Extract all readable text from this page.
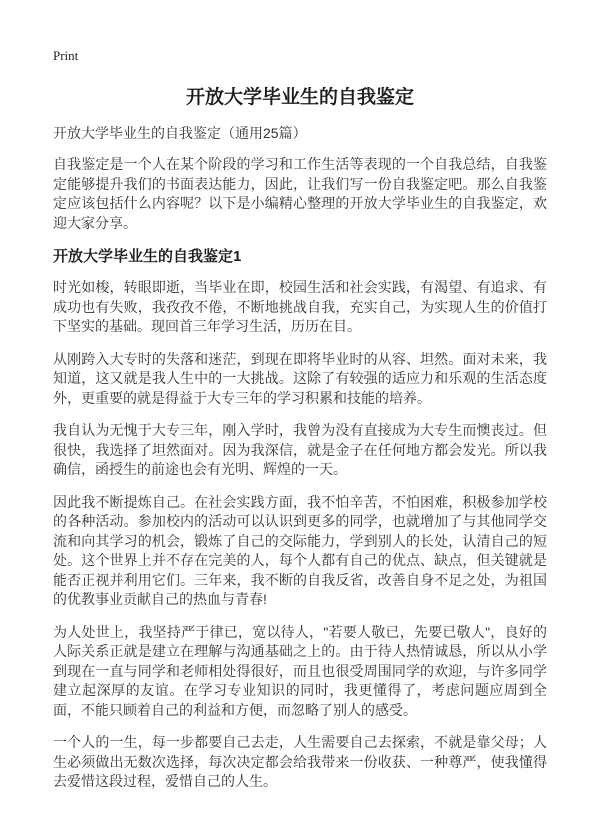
Print
开放大学毕业生的自我鉴定

开放大学毕业生的自我鉴定（通用25篇）

自我鉴定是一个人在某个阶段的学习和工作生活等表现的一个自我总结，自我鉴定能够提升我们的书面表达能力，因此，让我们写一份自我鉴定吧。那么自我鉴定应该包括什么内容呢？以下是小编精心整理的开放大学毕业生的自我鉴定，欢迎大家分享。

开放大学毕业生的自我鉴定1

时光如梭，转眼即逝，当毕业在即，校园生活和社会实践，有渴望、有追求、有成功也有失败，我孜孜不倦，不断地挑战自我，充实自己，为实现人生的价值打下坚实的基础。现回首三年学习生活，历历在目。

从刚跨入大专时的失落和迷茫，到现在即将毕业时的从容、坦然。面对未来，我知道，这又就是我人生中的一大挑战。这除了有较强的适应力和乐观的生活态度外，更重要的就是得益于大专三年的学习积累和技能的培养。

我自认为无愧于大专三年，刚入学时，我曾为没有直接成为大专生而懊丧过。但很快，我选择了坦然面对。因为我深信，就是金子在任何地方都会发光。所以我确信，函授生的前途也会有光明、辉煌的一天。

因此我不断提炼自己。在社会实践方面，我不怕辛苦，不怕困难，积极参加学校的各种活动。参加校内的活动可以认识到更多的同学，也就增加了与其他同学交流和向其学习的机会，锻炼了自己的交际能力，学到别人的长处，认清自己的短处。这个世界上并不存在完美的人，每个人都有自己的优点、缺点，但关键就是能否正视并利用它们。三年来，我不断的自我反省，改善自身不足之处，为祖国的优教事业贡献自己的热血与青春!

为人处世上，我坚持严于律已，宽以待人，"若要人敬已，先要已敬人"，良好的人际关系正就是建立在理解与沟通基础之上的。由于待人热情诚恳，所以从小学到现在一直与同学和老师相处得很好，而且也很受周围同学的欢迎，与许多同学建立起深厚的友谊。在学习专业知识的同时，我更懂得了，考虑问题应周到全面，不能只顾着自己的利益和方便，而忽略了别人的感受。

一个人的一生，每一步都要自己去走，人生需要自己去探索，不就是靠父母；人生必须做出无数次选择，每次决定都会给我带来一份收获、一种尊严，使我懂得去爱惜这段过程，爱惜自己的人生。
